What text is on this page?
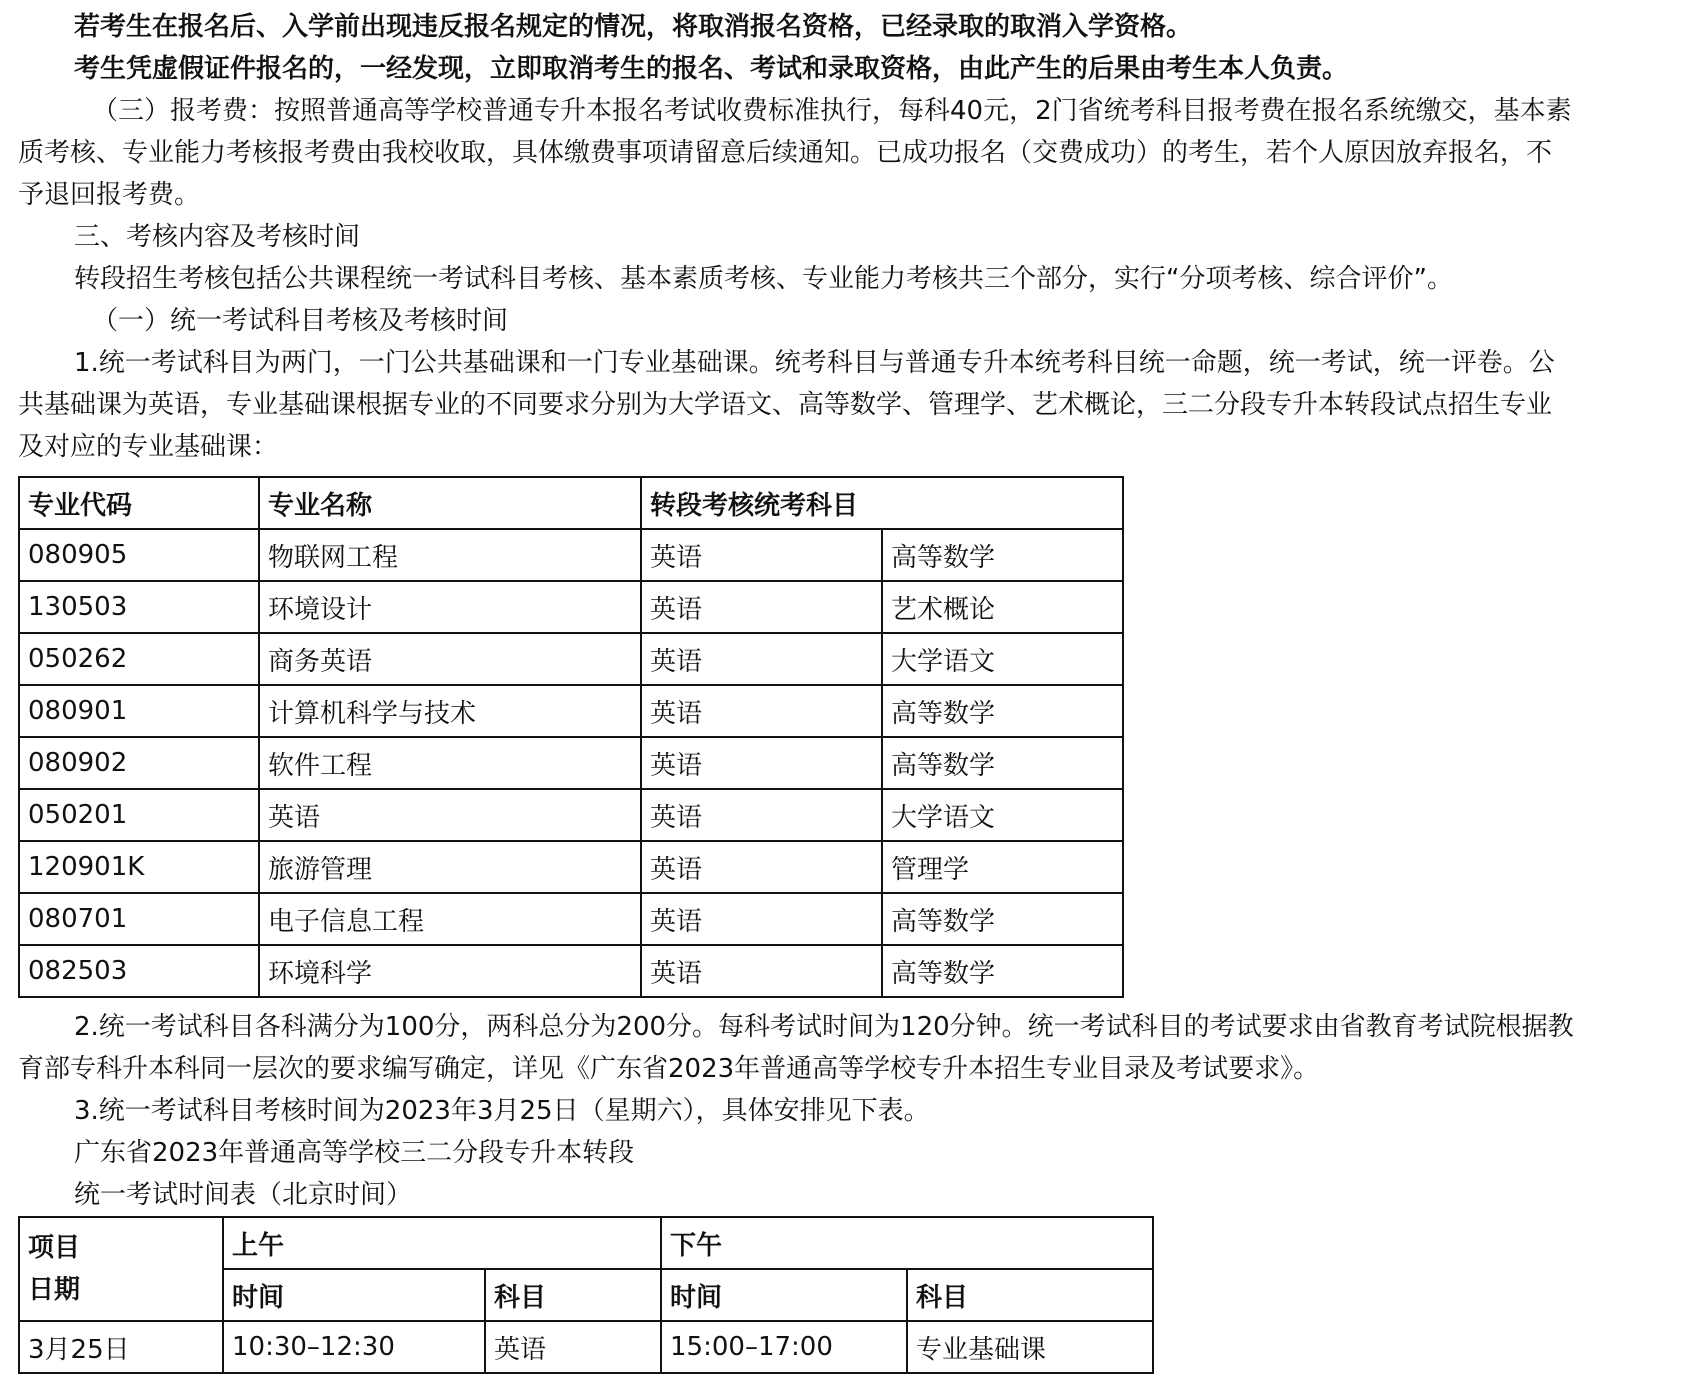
若考生在报名后、入学前出现违反报名规定的情况，将取消报名资格，已经录取的取消入学资格。
考生凭虚假证件报名的，一经发现，立即取消考生的报名、考试和录取资格，由此产生的后果由考生本人负责。
（三）报考费：按照普通高等学校普通专升本报名考试收费标准执行，每科40元，2门省统考科目报考费在报名系统缴交，基本素
质考核、专业能力考核报考费由我校收取，具体缴费事项请留意后续通知。已成功报名（交费成功）的考生，若个人原因放弃报名，不
予退回报考费。
三、考核内容及考核时间
转段招生考核包括公共课程统一考试科目考核、基本素质考核、专业能力考核共三个部分，实行“分项考核、综合评价”。
（一）统一考试科目考核及考核时间
1.统一考试科目为两门，一门公共基础课和一门专业基础课。统考科目与普通专升本统考科目统一命题，统一考试，统一评卷。公
共基础课为英语，专业基础课根据专业的不同要求分别为大学语文、高等数学、管理学、艺术概论，三二分段专升本转段试点招生专业
及对应的专业基础课：
专业代码	专业名称	转段考核统考科目	
080905	物联网工程	英语	高等数学
130503	环境设计	英语	艺术概论
050262	商务英语	英语	大学语文
080901	计算机科学与技术	英语	高等数学
080902	软件工程	英语	高等数学
050201	英语	英语	大学语文
120901K	旅游管理	英语	管理学
080701	电子信息工程	英语	高等数学
082503	环境科学	英语	高等数学
2.统一考试科目各科满分为100分，两科总分为200分。每科考试时间为120分钟。统一考试科目的考试要求由省教育考试院根据教
育部专科升本科同一层次的要求编写确定，详见《广东省2023年普通高等学校专升本招生专业目录及考试要求》。
3.统一考试科目考核时间为2023年3月25日（星期六），具体安排见下表。
广东省2023年普通高等学校三二分段专升本转段
统一考试时间表（北京时间）
项目
日期	上午		下午	
	时间	科目	时间	科目
3月25日	10:30–12:30	英语	15:00–17:00	专业基础课
